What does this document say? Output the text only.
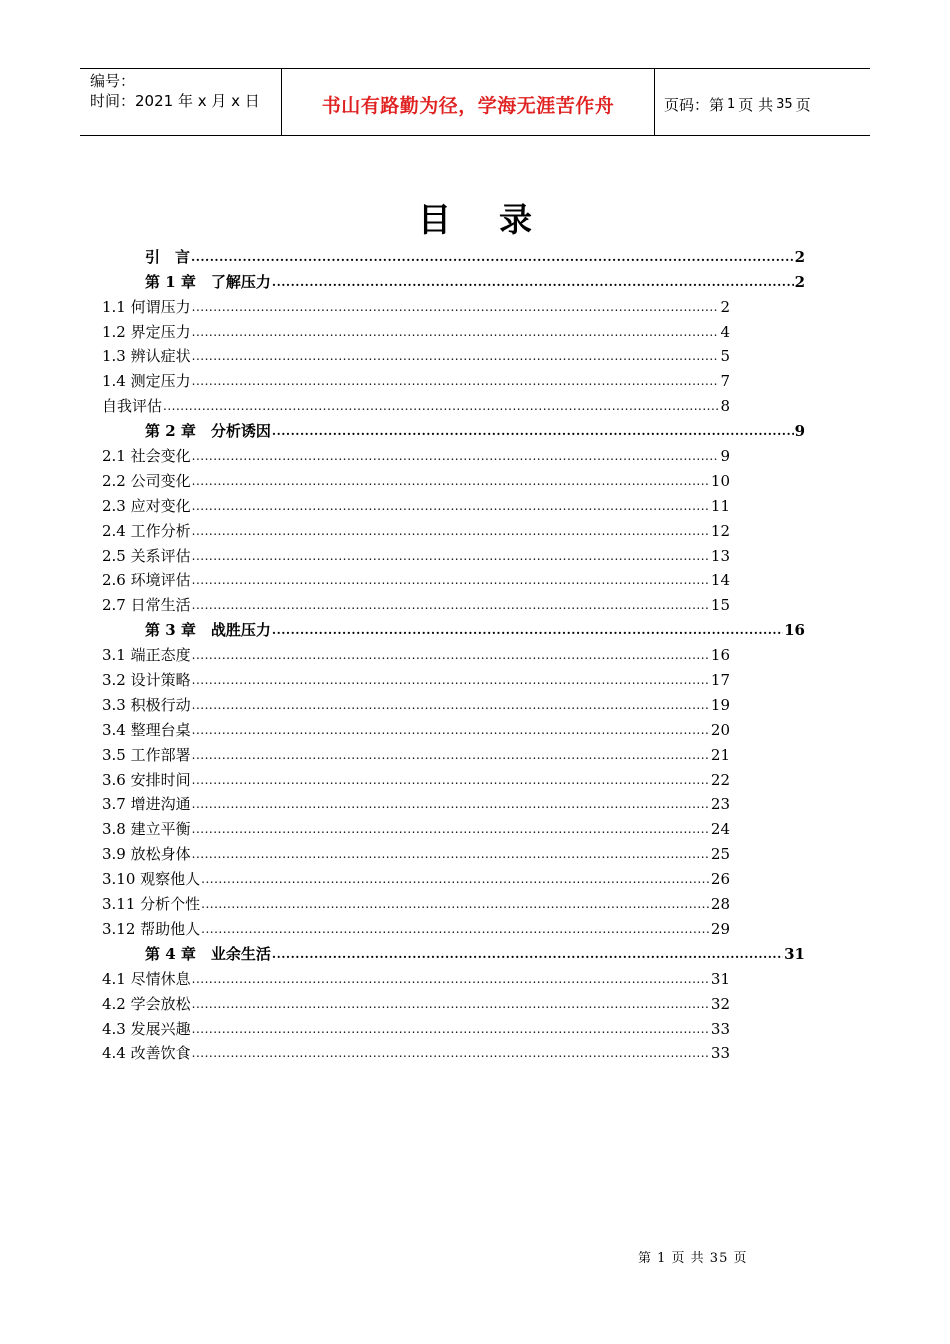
编号：
时间：2021 年 x 月 x 日	书山有路勤为径，学海无涯苦作舟	页码：第 1 页 共 35 页
目录
引　言 .....	2
第 1 章　了解压力 .....	2
1.1 何谓压力 .....	2
1.2 界定压力 .....	4
1.3 辨认症状 .....	5
1.4 测定压力 .....	7
自我评估 .....	8
第 2 章　分析诱因 .....	9
2.1 社会变化 .....	9
2.2 公司变化 .....	10
2.3 应对变化 .....	11
2.4 工作分析 .....	12
2.5 关系评估 .....	13
2.6 环境评估 .....	14
2.7 日常生活 .....	15
第 3 章　战胜压力 .....	16
3.1 端正态度 .....	16
3.2 设计策略 .....	17
3.3 积极行动 .....	19
3.4 整理台桌 .....	20
3.5 工作部署 .....	21
3.6 安排时间 .....	22
3.7 增进沟通 .....	23
3.8 建立平衡 .....	24
3.9 放松身体 .....	25
3.10 观察他人 .....	26
3.11 分析个性 .....	28
3.12 帮助他人 .....	29
第 4 章　业余生活 .....	31
4.1 尽情休息 .....	31
4.2 学会放松 .....	32
4.3 发展兴趣 .....	33
4.4 改善饮食 .....	33
第 1 页 共 35 页
